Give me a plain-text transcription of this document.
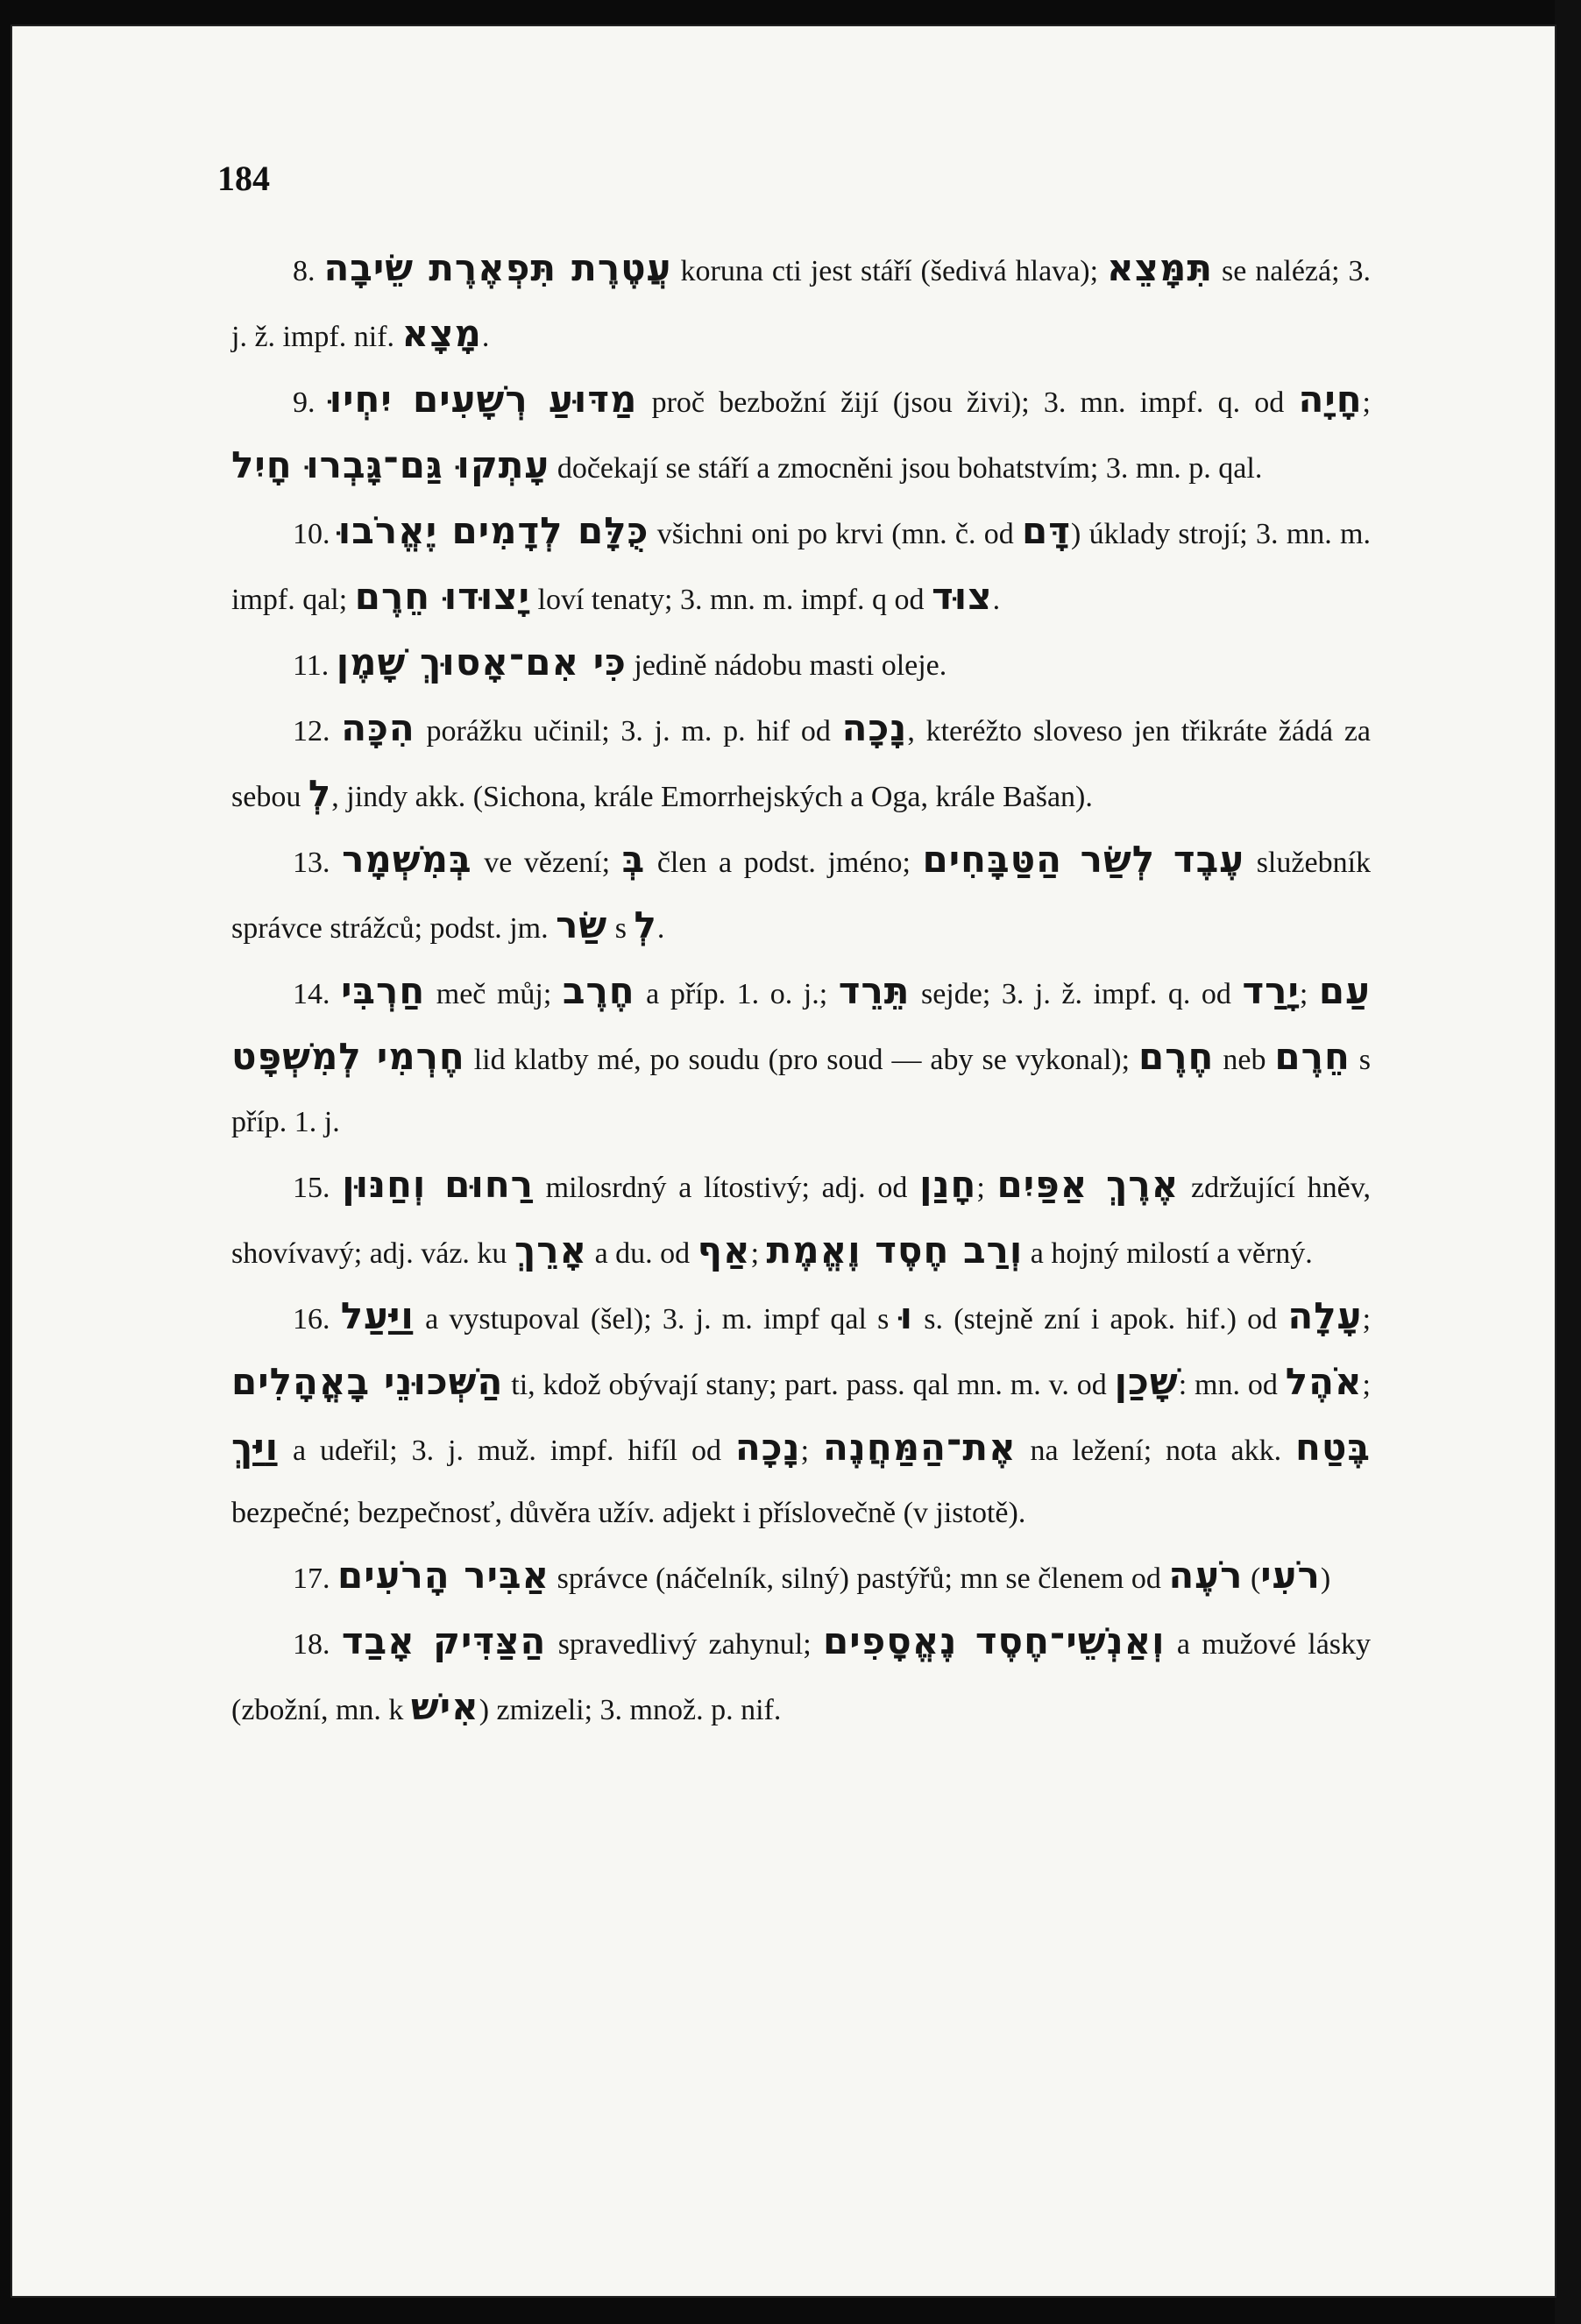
184

8. עֲטֶרֶת תִּפְאֶרֶת שֵׂיבָה koruna cti jest stáří (šedivá hlava); תִּמָּצֵא se nalézá; 3. j. ž. impf. nif. מָצָא.

9. מַדּוּעַ רְשָׁעִים יִחְיוּ proč bezbožní žijí (jsou živi); 3. mn. impf. q. od חָיָה; עָתְקוּ גַּם־גָּבְרוּ חָיִל dočekají se stáří a zmocněni jsou bohatstvím; 3. mn. p. qal.

10. כֻּלָּם לְדָמִים יֶאֱרֹבוּ všichni oni po krvi (mn. č. od דָּם) úklady strojí; 3. mn. m. impf. qal; יָצוּדוּ חֵרֶם loví tenaty; 3. mn. m. impf. q od צוּד.

11. כִּי אִם־אָסוּךְ שָׁמֶן jedině nádobu masti oleje.

12. הִכָּה porážku učinil; 3. j. m. p. hif od נָכָה, kteréžto sloveso jen třikráte žádá za sebou לְ, jindy akk. (Sichona, krále Emorrhejských a Oga, krále Bašan).

13. בְּמִשְׁמָר ve vězení; בְּ člen a podst. jméno; עֶבֶד לְשַׂר הַטַּבָּחִים služebník správce strážců; podst. jm. שַׂר s לְ.

14. חַרְבִּי meč můj; חֶרֶב a příp. 1. o. j.; תֵּרֵד sejde; 3. j. ž. impf. q. od יָרַד; עַם חֶרְמִי לְמִשְׁפָּט lid klatby mé, po soudu (pro soud — aby se vykonal); חֶרֶם neb חֵרֶם s příp. 1. j.

15. רַחוּם וְחַנּוּן milosrdný a lítostivý; adj. od חָנַן; אֶרֶךְ אַפַּיִם zdržující hněv, shovívavý; adj. váz. ku אָרֵךְ a du. od אַף; וְרַב חֶסֶד וֶאֱמֶת a hojný milostí a věrný.

16. וַיַּעַל a vystupoval (šel); 3. j. m. impf qal s וּ s. (stejně zní i apok. hif.) od עָלָה; הַשְּׁכוּנֵי בָאֳהָלִים ti, kdož obývají stany; part. pass. qal mn. m. v. od שָׁכַן: mn. od אֹהֶל; וַיַּךְ a udeřil; 3. j. muž. impf. hifíl od נָכָה; אֶת־הַמַּחֲנֶה na ležení; nota akk. בֶּטַח bezpečné; bezpečnosť, důvěra užív. adjekt i příslovečně (v jistotě).

17. אַבִּיר הָרֹעִים správce (náčelník, silný) pastýřů; mn se členem od רֹעֶה (רֹעִי)

18. הַצַּדִּיק אָבַד spravedlivý zahynul; וְאַנְשֵׁי־חֶסֶד נֶאֱסָפִים a mužové lásky (zbožní, mn. k אִישׁ) zmizeli; 3. množ. p. nif.
